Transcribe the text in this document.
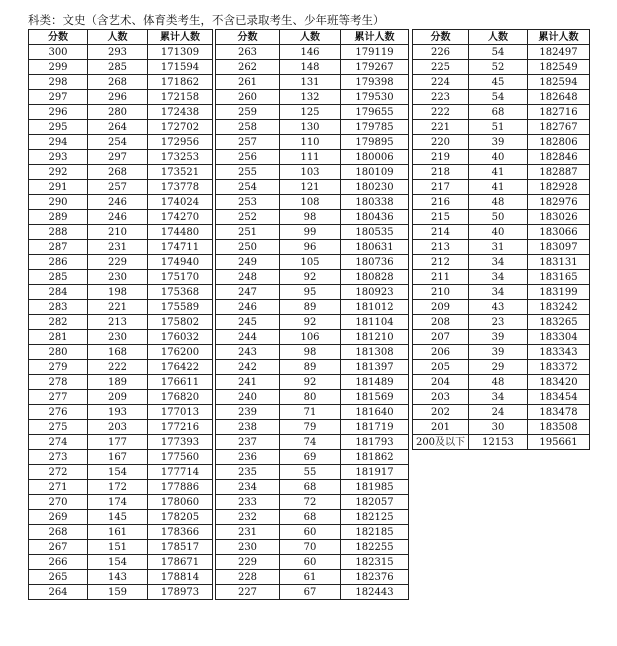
科类：文史（含艺术、体育类考生，不含已录取考生、少年班等考生）
分数	人数	累计人数
300	293	171309
299	285	171594
298	268	171862
297	296	172158
296	280	172438
295	264	172702
294	254	172956
293	297	173253
292	268	173521
291	257	173778
290	246	174024
289	246	174270
288	210	174480
287	231	174711
286	229	174940
285	230	175170
284	198	175368
283	221	175589
282	213	175802
281	230	176032
280	168	176200
279	222	176422
278	189	176611
277	209	176820
276	193	177013
275	203	177216
274	177	177393
273	167	177560
272	154	177714
271	172	177886
270	174	178060
269	145	178205
268	161	178366
267	151	178517
266	154	178671
265	143	178814
264	159	178973
分数	人数	累计人数
263	146	179119
262	148	179267
261	131	179398
260	132	179530
259	125	179655
258	130	179785
257	110	179895
256	111	180006
255	103	180109
254	121	180230
253	108	180338
252	98	180436
251	99	180535
250	96	180631
249	105	180736
248	92	180828
247	95	180923
246	89	181012
245	92	181104
244	106	181210
243	98	181308
242	89	181397
241	92	181489
240	80	181569
239	71	181640
238	79	181719
237	74	181793
236	69	181862
235	55	181917
234	68	181985
233	72	182057
232	68	182125
231	60	182185
230	70	182255
229	60	182315
228	61	182376
227	67	182443
分数	人数	累计人数
226	54	182497
225	52	182549
224	45	182594
223	54	182648
222	68	182716
221	51	182767
220	39	182806
219	40	182846
218	41	182887
217	41	182928
216	48	182976
215	50	183026
214	40	183066
213	31	183097
212	34	183131
211	34	183165
210	34	183199
209	43	183242
208	23	183265
207	39	183304
206	39	183343
205	29	183372
204	48	183420
203	34	183454
202	24	183478
201	30	183508
200及以下	12153	195661
